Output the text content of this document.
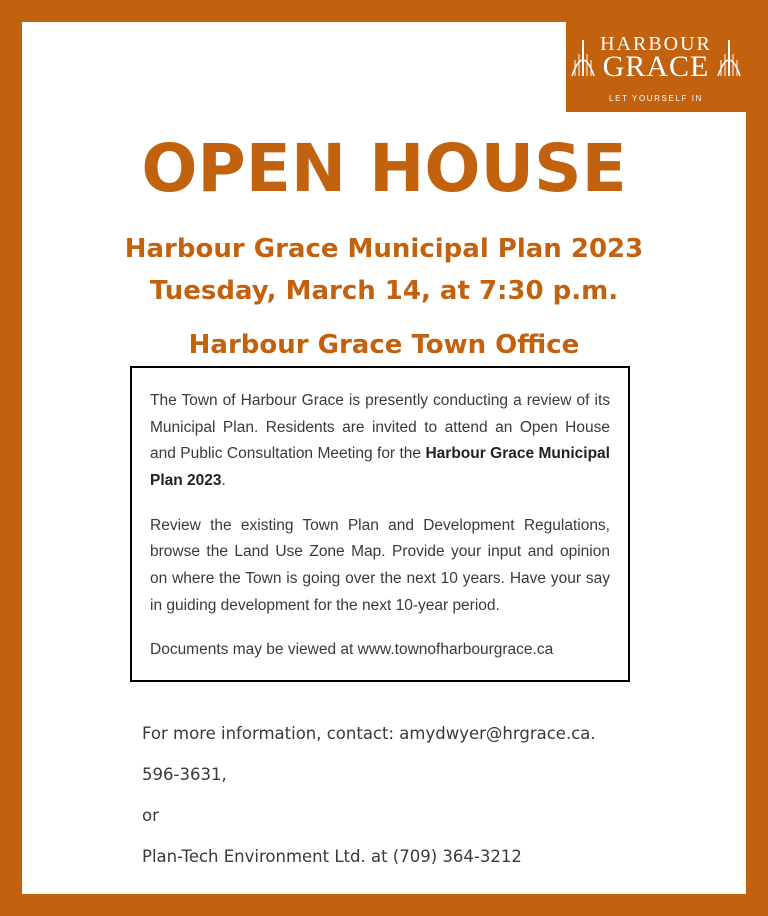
HARBOUR
GRACE
LET YOURSELF IN
OPEN HOUSE
Harbour Grace Municipal Plan 2023
Tuesday, March 14, at 7:30 p.m.
Harbour Grace Town Office

The Town of Harbour Grace is presently conducting a review of its Municipal Plan. Residents are invited to attend an Open House and Public Consultation Meeting for the Harbour Grace Municipal Plan 2023.

Review the existing Town Plan and Development Regulations, browse the Land Use Zone Map. Provide your input and opinion on where the Town is going over the next 10 years. Have your say in guiding development for the next 10-year period.

Documents may be viewed at www.townofharbourgrace.ca

For more information, contact: amydwyer@hrgrace.ca.
596-3631,
or
Plan-Tech Environment Ltd. at (709) 364-3212
